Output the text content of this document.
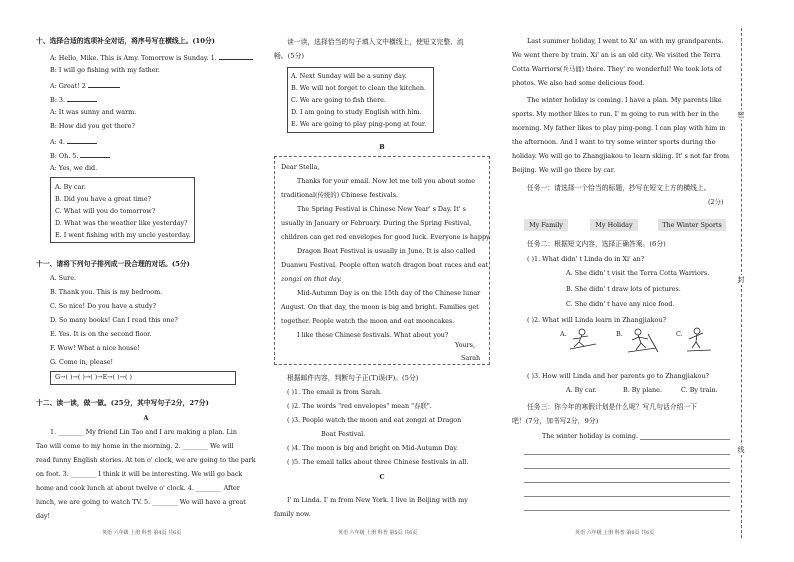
十、选择合适的选项补全对话，将序号写在横线上。(10分)
A: Hello, Mike. This is Amy. Tomorrow is Sunday. 1.
B: I will go fishing with my father.
A: Great! 2
B: 3.
A: It was sunny and warm.
B: How did you get there?
A: 4.
B: Oh. 5.
A: Yes, we did.
A. By car.
B. Did you have a great time?
C. What will you do tomorrow?
D. What was the weather like yesterday?
E. I went fishing with my uncle yesterday.
十一、请将下列句子排列成一段合理的对话。(5分)
A. Sure.
B. Thank you. This is my bedroom.
C. So nice! Do you have a study?
D. So many books! Can I read this one?
E. Yes. It is on the second floor.
F. Wow! What a nice house!
G. Come in, please!
G→( )→( )→( )→E→( )→( )
十二、读一读，做一做。(25分，其中写句子2分，27分)
A
1. ________ My friend Lin Tao and I are making a plan. Lin
Tao will come to my home in the morning. 2. ________ We will
read funny English stories. At ten o' clock, we are going to the park
on foot. 3. ________ I think it will be interesting. We will go back
home and cook lunch at about twelve o' clock. 4. ________ After
lunch, we are going to watch TV. 5. ________ We will have a great
day!
英语 六年级 上册 科普 第4页 共6页
读一读，选择恰当的句子填入文中横线上，使短文完整、流
畅。(5分)
A. Next Sunday will be a sunny day.
B. We will not forget to clean the kitchen.
C. We are going to fish there.
D. I am going to study English with him.
E. We are going to play ping-pong at four.
B
Dear Stella,
Thanks for your email. Now let me tell you about some
traditional(传统的) Chinese festivals.
The Spring Festival is Chinese New Year' s Day. It' s
usually in January or February. During the Spring Festival,
children can get red envelopes for good luck. Everyone is happy.
Dragon Boat Festival is usually in June. It is also called
Duanwu Festival. People often watch dragon boat races and eat
zongzi on that day.
Mid-Autumn Day is on the 15th day of the Chinese lunar
August. On that day, the moon is big and bright. Families get
together. People watch the moon and eat mooncakes.
I like these Chinese festivals. What about you?
Yours,
Sarah
根据邮件内容，判断句子正(T)误(F)。(5分)
( )1. The email is from Sarah.
( )2. The words "red envelopes" mean "春联".
( )3. People watch the moon and eat zongzi at Dragon
Boat Festival.
( )4. The moon is big and bright on Mid-Autumn Day.
( )5. The email talks about three Chinese festivals in all.
C
I' m Linda. I' m from New York. I live in Beijing with my
family now.
英语 六年级 上册 科普 第5页 共6页
Last summer holiday, I went to Xi' an with my grandparents.
We went there by train. Xi' an is an old city. We visited the Terra
Cotta Warriors(兵马俑) there. They' re wonderful! We took lots of
photos. We also had some delicious food.
The winter holiday is coming. I have a plan. My parents like
sports. My mother likes to run. I' m going to run with her in the
morning. My father likes to play ping-pong. I can play with him in
the afternoon. And I want to try some winter sports during the
holiday. We will go to Zhangjiakou to learn skiing. It' s not far from
Beijing. We will go there by car.
任务一：请选择一个恰当的标题，抄写在短文上方的横线上。
(2分)
My Family	My Holiday	The Winter Sports
任务二：根据短文内容，选择正确答案。(6分)
( )1. What didn' t Linda do in Xi' an?
A. She didn' t visit the Terra Cotta Warriors.
B. She didn' t draw lots of pictures.
C. She didn' t have any nice food.
( )2. What will Linda learn in Zhangjiakou?
A.	B.	C.
( )3. How will Linda and her parents go to Zhangjiakou?
A. By car.	B. By plane.	C. By train.
任务三：你今年的寒假计划是什么呢？写几句话介绍一下
吧！(7分，加书写2分，9分)
The winter holiday is coming.
英语 六年级 上册 科普 第6页 共6页
密
封
线
